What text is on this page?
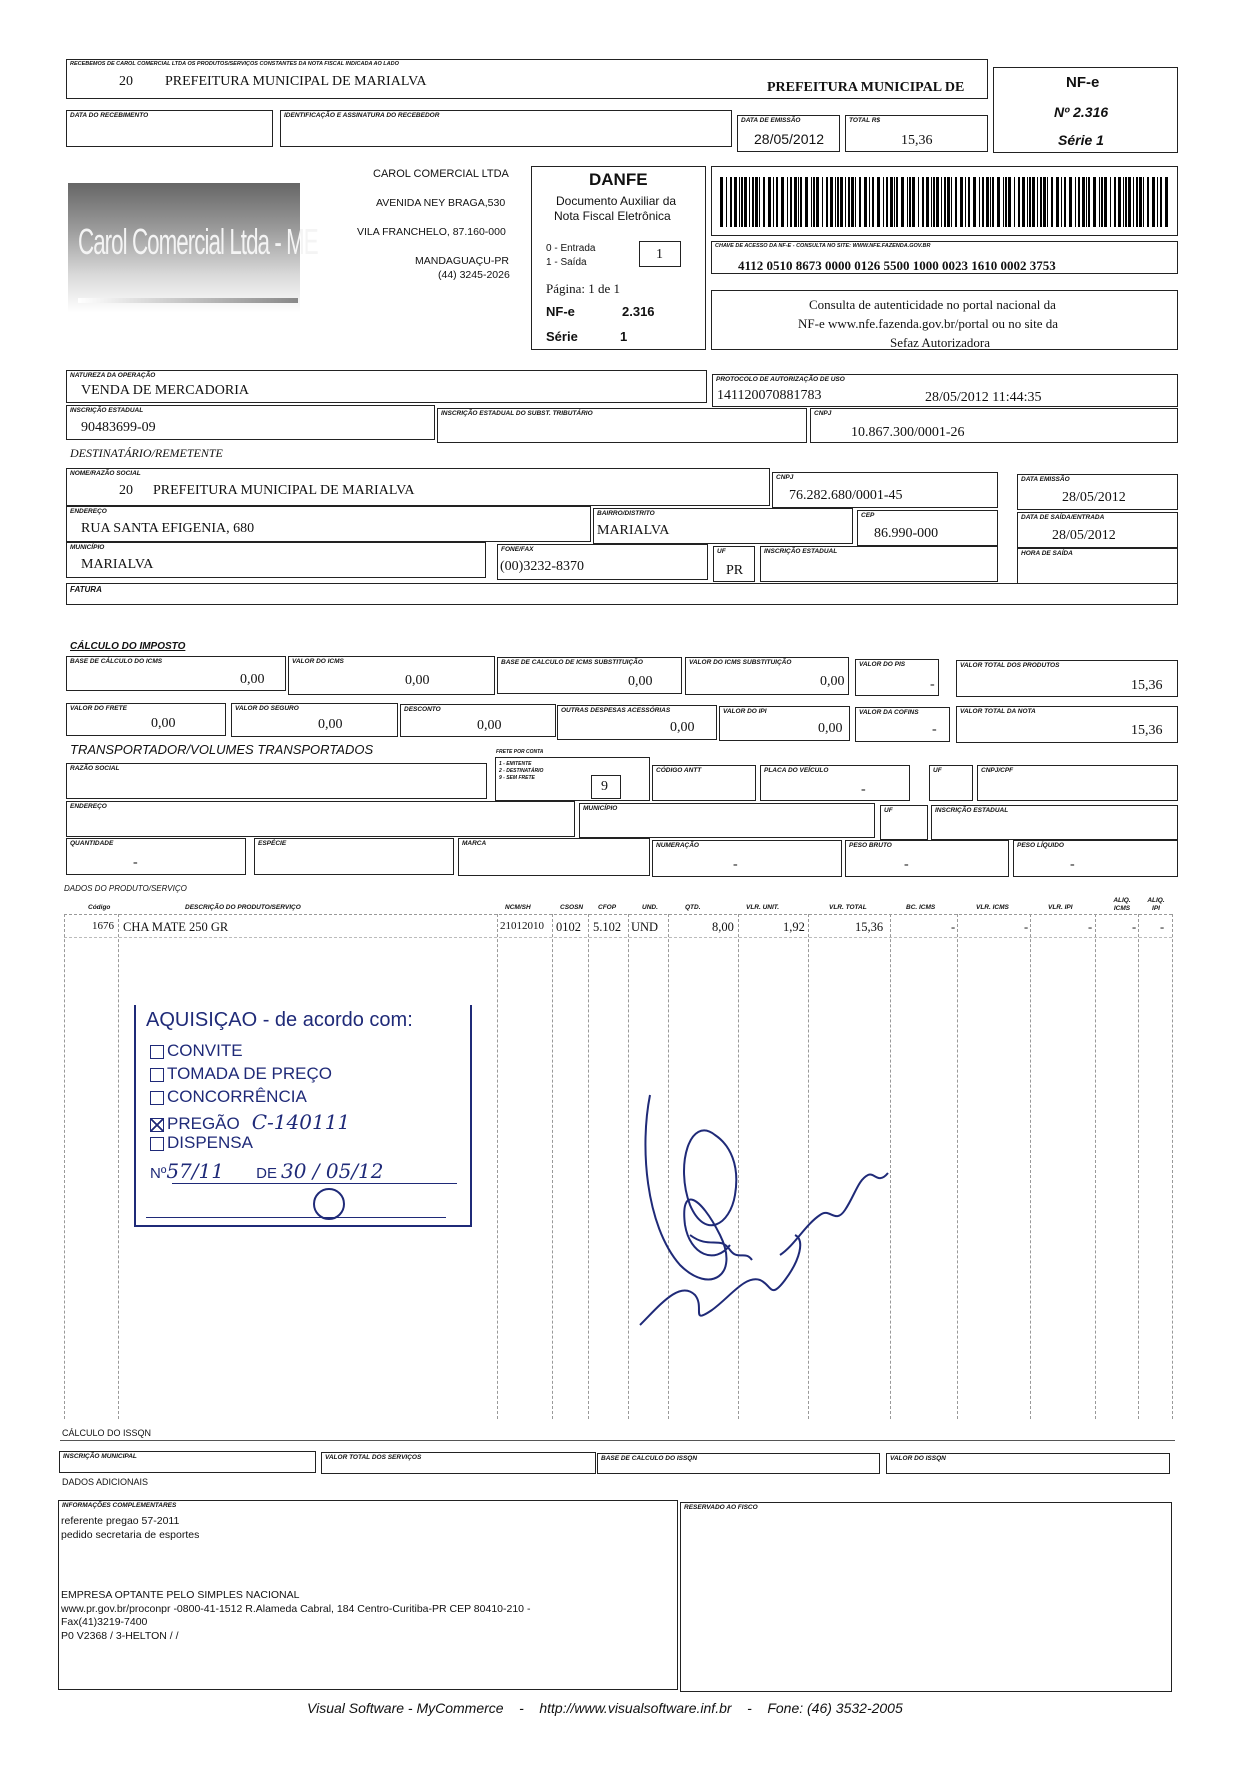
RECEBEMOS DE CAROL COMERCIAL LTDA OS PRODUTOS/SERVIÇOS CONSTANTES DA NOTA FISCAL INDICADA AO LADO
20 PREFEITURA MUNICIPAL DE MARIALVA	PREFEITURA MUNICIPAL DE
DATA DO RECEBIMENTO	IDENTIFICAÇÃO E ASSINATURA DO RECEBEDOR
DATA DE EMISSÃO
28/05/2012
TOTAL R$
15,36
NF-e
Nº 2.316
Série 1
Carol Comercial Ltda - ME
CAROL COMERCIAL LTDA
AVENIDA NEY BRAGA,530
VILA FRANCHELO, 87.160-000
MANDAGUAÇU-PR
(44) 3245-2026
DANFE
Documento Auxiliar da
Nota Fiscal Eletrônica
0 - Entrada
1 - Saída
1
Página: 1 de 1
NF-e	2.316
Série	1
CHAVE DE ACESSO DA NF-E - CONSULTA NO SITE: WWW.NFE.FAZENDA.GOV.BR
4112 0510 8673 0000 0126 5500 1000 0023 1610 0002 3753
Consulta de autenticidade no portal nacional da
NF-e www.nfe.fazenda.gov.br/portal ou no site da
Sefaz Autorizadora
NATUREZA DA OPERAÇÃO
VENDA DE MERCADORIA
PROTOCOLO DE AUTORIZAÇÃO DE USO
141120070881783	28/05/2012 11:44:35
INSCRIÇÃO ESTADUAL
90483699-09
INSCRIÇÃO ESTADUAL DO SUBST. TRIBUTÁRIO	CNPJ
10.867.300/0001-26
DESTINATÁRIO/REMETENTE
NOME/RAZÃO SOCIAL
20 PREFEITURA MUNICIPAL DE MARIALVA
CNPJ
76.282.680/0001-45
DATA EMISSÃO
28/05/2012
ENDEREÇO
RUA SANTA EFIGENIA, 680
BAIRRO/DISTRITO
MARIALVA
CEP
86.990-000
DATA DE SAÍDA/ENTRADA
28/05/2012
MUNICÍPIO
MARIALVA
FONE/FAX
(00)3232-8370
UF
PR
INSCRIÇÃO ESTADUAL	HORA DE SAÍDA
FATURA
CÁLCULO DO IMPOSTO
BASE DE CÁLCULO DO ICMS
0,00
VALOR DO ICMS
0,00
BASE DE CALCULO DE ICMS SUBSTITUIÇÃO
0,00
VALOR DO ICMS SUBSTITUIÇÃO
0,00
VALOR DO PIS
-
VALOR TOTAL DOS PRODUTOS
15,36
VALOR DO FRETE
0,00
VALOR DO SEGURO
0,00
DESCONTO
0,00
OUTRAS DESPESAS ACESSÓRIAS
0,00
VALOR DO IPI
0,00
VALOR DA COFINS
-
VALOR TOTAL DA NOTA
15,36
TRANSPORTADOR/VOLUMES TRANSPORTADOS
RAZÃO SOCIAL
FRETE POR CONTA
1 - EMITENTE
2 - DESTINATÁRIO
9 - SEM FRETE
9
CÓDIGO ANTT	PLACA DO VEÍCULO
-
UF	CNPJ/CPF
ENDEREÇO	MUNICÍPIO	UF	INSCRIÇÃO ESTADUAL
QUANTIDADE
-
ESPÉCIE	MARCA	NUMERAÇÃO
-
PESO BRUTO
-
PESO LÍQUIDO
-
DADOS DO PRODUTO/SERVIÇO
Código	DESCRIÇÃO DO PRODUTO/SERVIÇO	NCM/SH	CSOSN CFOP	UND.	QTD.	VLR. UNIT.	VLR. TOTAL	BC. ICMS	VLR. ICMS	VLR. IPI
ALIQ. ICMS
ALIQ. IPI
1676 CHA MATE 250 GR	21012010 0102 5.102 UND	8,00	1,92	15,36	-	-	-	- -
AQUISIÇAO - de acordo com:
CONVITE
TOMADA DE PREÇO
CONCORRÊNCIA
PREGÃO C-140111
DISPENSA
Nº57/11 DE 30 / 05/12
CÁLCULO DO ISSQN
INSCRIÇÃO MUNICIPAL	VALOR TOTAL DOS SERVIÇOS	BASE DE CALCULO DO ISSQN	VALOR DO ISSQN
DADOS ADICIONAIS
INFORMAÇÕES COMPLEMENTARES
referente pregao 57-2011
pedido secretaria de esportes
EMPRESA OPTANTE PELO SIMPLES NACIONAL
www.pr.gov.br/proconpr -0800-41-1512 R.Alameda Cabral, 184 Centro-Curitiba-PR CEP 80410-210 -
Fax(41)3219-7400
P0 V2368 / 3-HELTON / /
RESERVADO AO FISCO
Visual Software - MyCommerce    -    http://www.visualsoftware.inf.br    -    Fone: (46) 3532-2005
